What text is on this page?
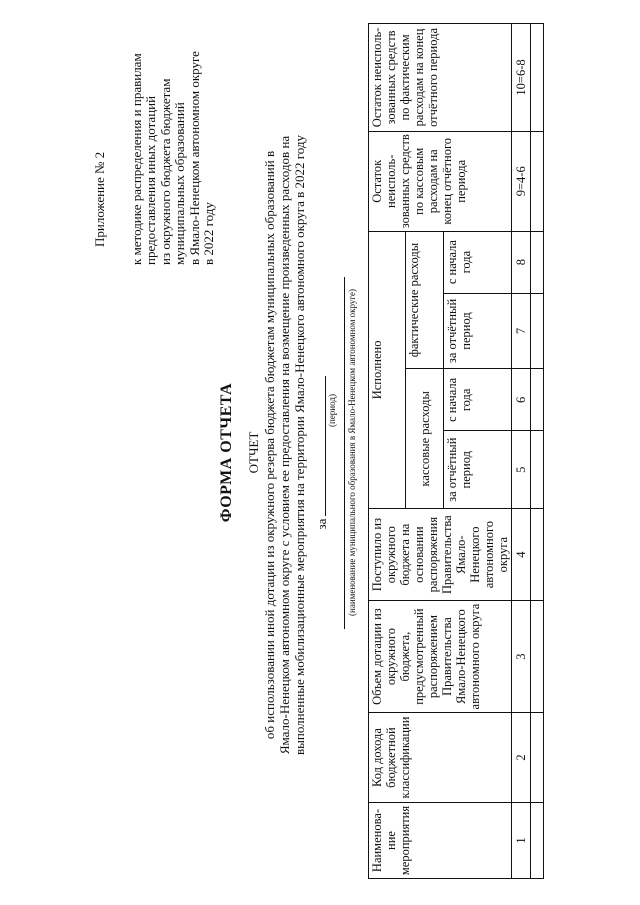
Приложение № 2 к методике распределения и правилам предоставления иных дотаций из окружного бюджета бюджетам муниципальных образований в Ямало-Ненецком автономном округе в 2022 году
ФОРМА ОТЧЕТА ОТЧЕТ об использовании иной дотации из окружного резерва бюджета бюджетам муниципальных образований в Ямало-Ненецком автономном округе с условием ее предоставления на возмещение произведенных расходов на выполненные мобилизационные мероприятия на территории Ямало-Ненецкого автономного округа в 2022 году за
(период) (наименование муниципального образования в Ямало-Ненецком автономном округе)
Наименова-ние мероприятия	Код дохода бюджетной классификации	Объем дотации из окружного бюджета, предусмотренный распоряжением Правительства Ямало-Ненецкого автономного округа	Поступило из окружного бюджета на основании распоряжения Правительства Ямало-Ненецкого автономного округа	Исполнено				Остаток неисполь-зованных средств по кассовым расходам на конец отчётного периода	Остаток неисполь-зованных средств по фактическим расходам на конец отчётного периода
				кассовые расходы		фактические расходы			
				за отчётный период	с начала года	за отчётный период	с начала года		
1	2	3	4	5	6	7	8	9=4-6	10=6-8
